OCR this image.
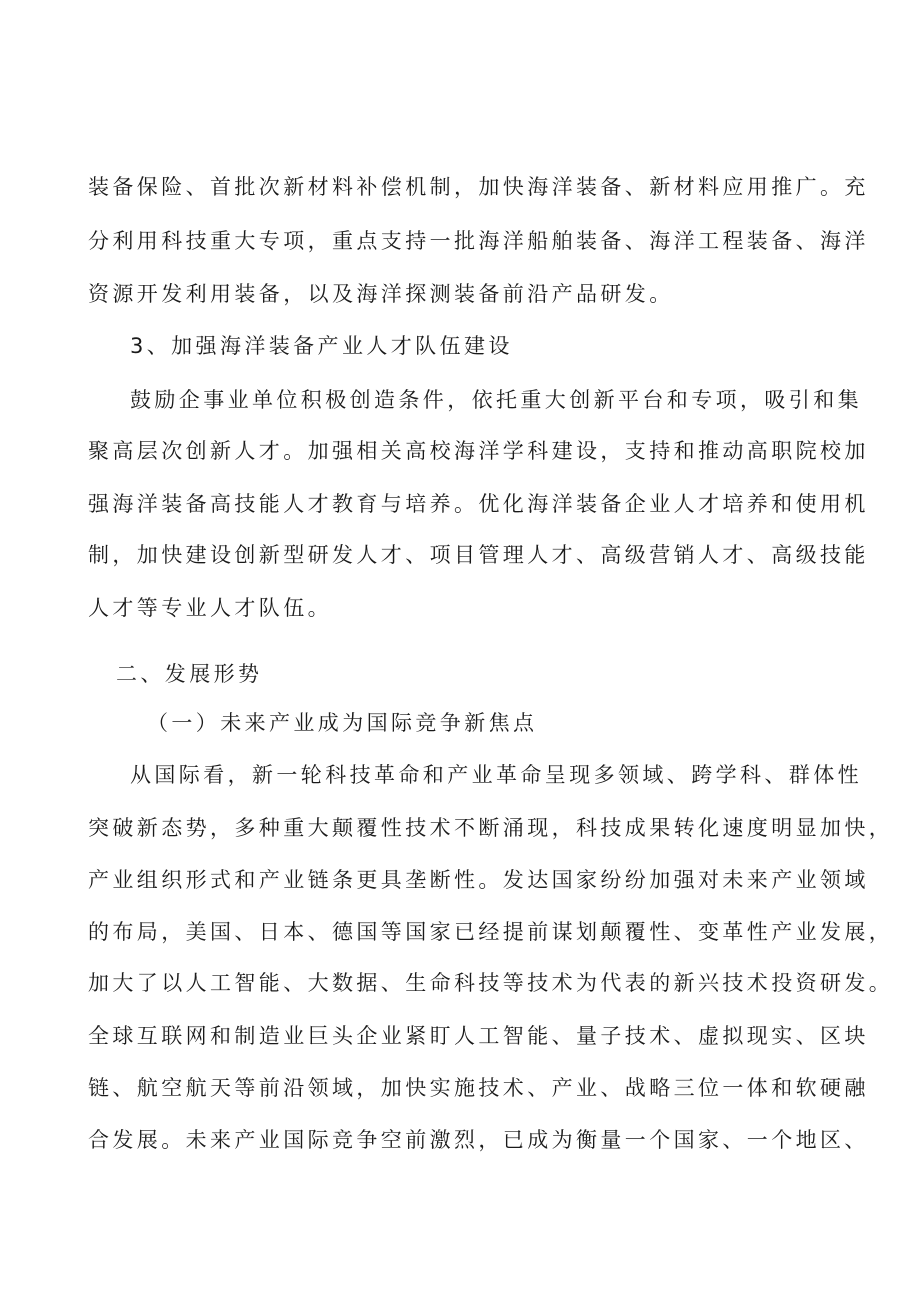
装备保险、首批次新材料补偿机制，加快海洋装备、新材料应用推广。充

分利用科技重大专项，重点支持一批海洋船舶装备、海洋工程装备、海洋

资源开发利用装备，以及海洋探测装备前沿产品研发。

3、加强海洋装备产业人才队伍建设

鼓励企事业单位积极创造条件，依托重大创新平台和专项，吸引和集

聚高层次创新人才。加强相关高校海洋学科建设，支持和推动高职院校加

强海洋装备高技能人才教育与培养。优化海洋装备企业人才培养和使用机

制，加快建设创新型研发人才、项目管理人才、高级营销人才、高级技能

人才等专业人才队伍。

二、发展形势

（一）未来产业成为国际竞争新焦点

从国际看，新一轮科技革命和产业革命呈现多领域、跨学科、群体性

突破新态势，多种重大颠覆性技术不断涌现，科技成果转化速度明显加快，

产业组织形式和产业链条更具垄断性。发达国家纷纷加强对未来产业领域

的布局，美国、日本、德国等国家已经提前谋划颠覆性、变革性产业发展，

加大了以人工智能、大数据、生命科技等技术为代表的新兴技术投资研发。

全球互联网和制造业巨头企业紧盯人工智能、量子技术、虚拟现实、区块

链、航空航天等前沿领域，加快实施技术、产业、战略三位一体和软硬融

合发展。未来产业国际竞争空前激烈，已成为衡量一个国家、一个地区、
